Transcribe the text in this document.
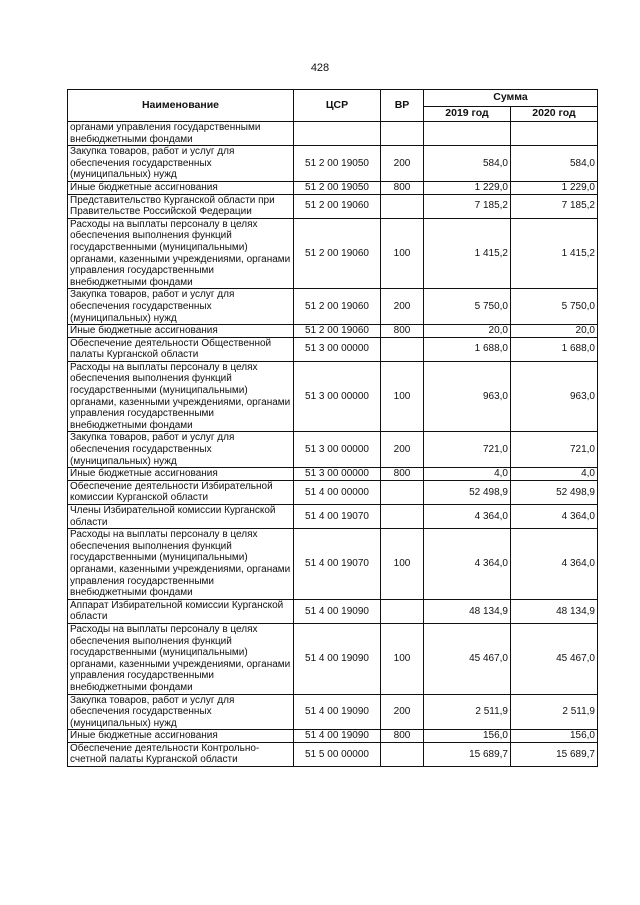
428
Наименование	ЦСР	ВР	Сумма	
			2019 год	2020 год
органами управления государственными внебюджетными фондами				
Закупка товаров, работ и услуг для обеспечения государственных (муниципальных) нужд	51 2 00 19050	200	584,0	584,0
Иные бюджетные ассигнования	51 2 00 19050	800	1 229,0	1 229,0
Представительство Курганской области при Правительстве Российской Федерации	51 2 00 19060		7 185,2	7 185,2
Расходы на выплаты персоналу в целях обеспечения выполнения функций государственными (муниципальными) органами, казенными учреждениями, органами управления государственными внебюджетными фондами	51 2 00 19060	100	1 415,2	1 415,2
Закупка товаров, работ и услуг для обеспечения государственных (муниципальных) нужд	51 2 00 19060	200	5 750,0	5 750,0
Иные бюджетные ассигнования	51 2 00 19060	800	20,0	20,0
Обеспечение деятельности Общественной палаты Курганской области	51 3 00 00000		1 688,0	1 688,0
Расходы на выплаты персоналу в целях обеспечения выполнения функций государственными (муниципальными) органами, казенными учреждениями, органами управления государственными внебюджетными фондами	51 3 00 00000	100	963,0	963,0
Закупка товаров, работ и услуг для обеспечения государственных (муниципальных) нужд	51 3 00 00000	200	721,0	721,0
Иные бюджетные ассигнования	51 3 00 00000	800	4,0	4,0
Обеспечение деятельности Избирательной комиссии Курганской области	51 4 00 00000		52 498,9	52 498,9
Члены Избирательной комиссии Курганской области	51 4 00 19070		4 364,0	4 364,0
Расходы на выплаты персоналу в целях обеспечения выполнения функций государственными (муниципальными) органами, казенными учреждениями, органами управления государственными внебюджетными фондами	51 4 00 19070	100	4 364,0	4 364,0
Аппарат Избирательной комиссии Курганской области	51 4 00 19090		48 134,9	48 134,9
Расходы на выплаты персоналу в целях обеспечения выполнения функций государственными (муниципальными) органами, казенными учреждениями, органами управления государственными внебюджетными фондами	51 4 00 19090	100	45 467,0	45 467,0
Закупка товаров, работ и услуг для обеспечения государственных (муниципальных) нужд	51 4 00 19090	200	2 511,9	2 511,9
Иные бюджетные ассигнования	51 4 00 19090	800	156,0	156,0
Обеспечение деятельности Контрольно-счетной палаты Курганской области	51 5 00 00000		15 689,7	15 689,7
